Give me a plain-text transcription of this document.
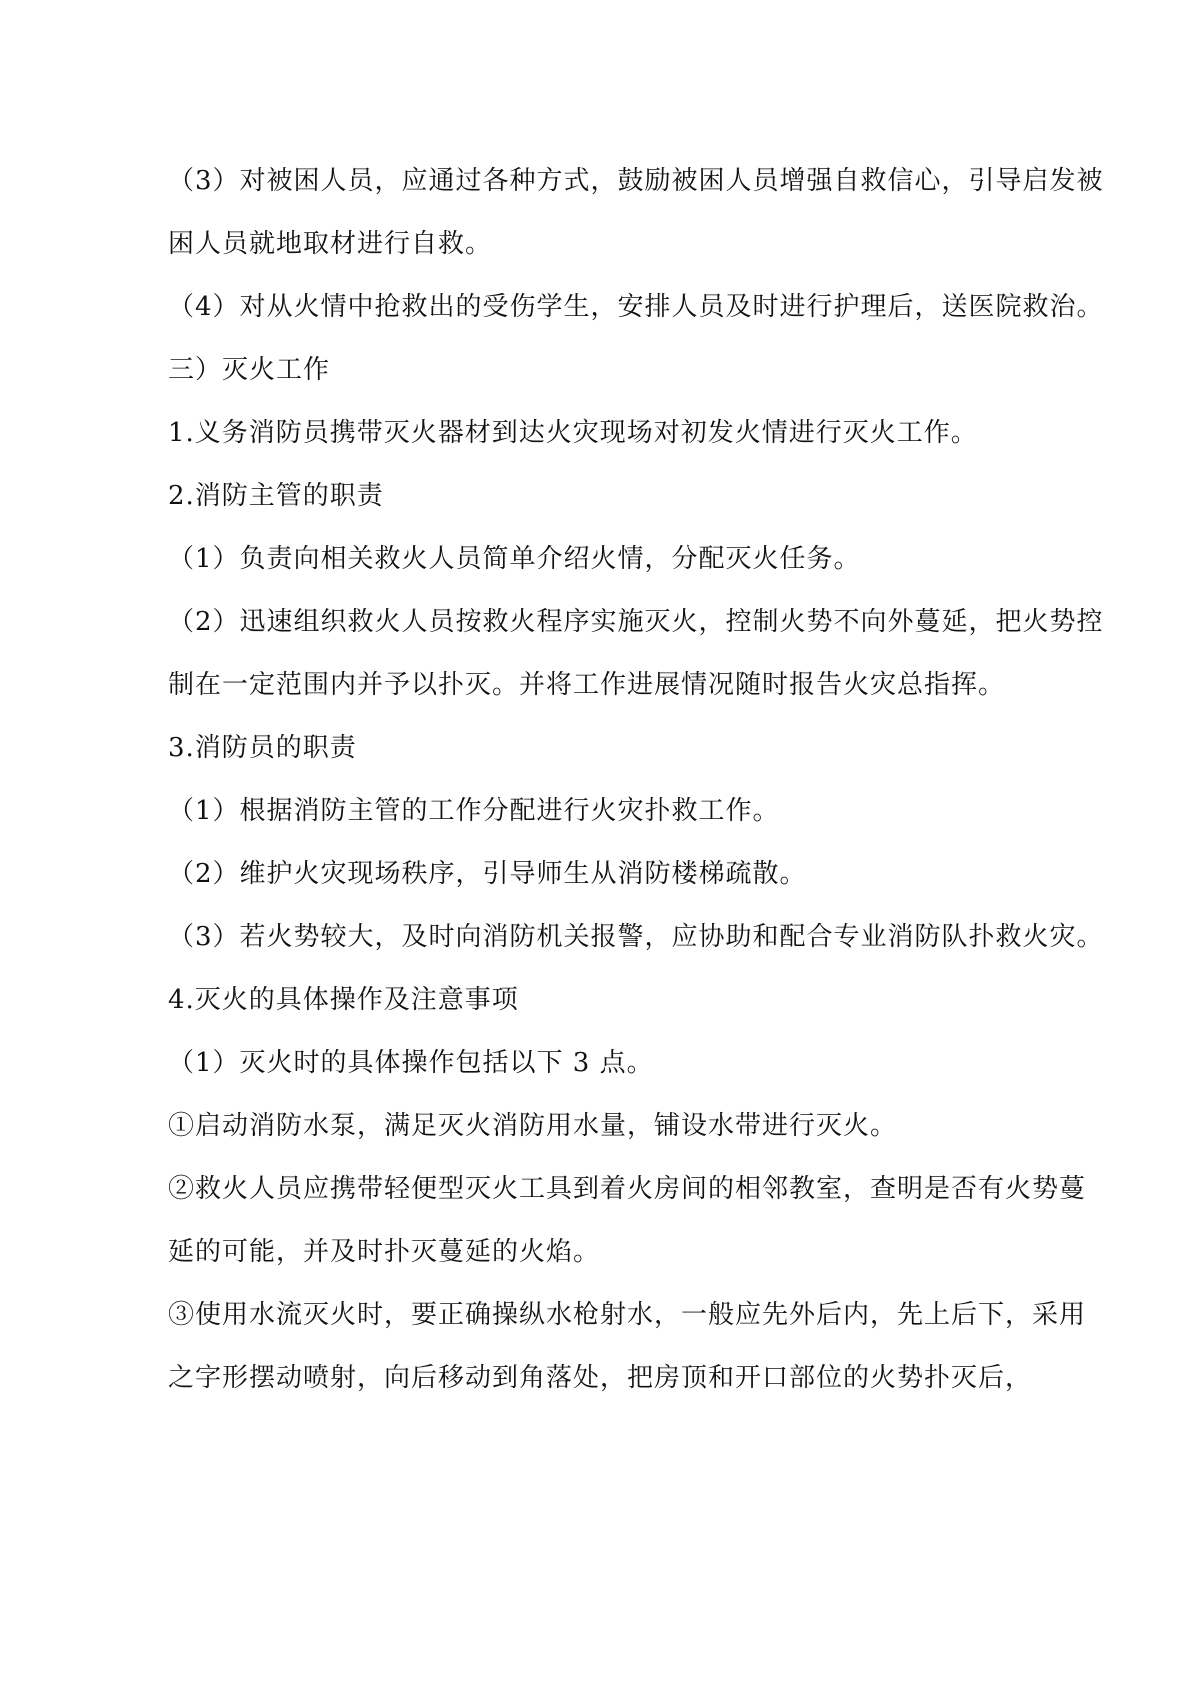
（3）对被困人员，应通过各种方式，鼓励被困人员增强自救信心，引导启发被困人员就地取材进行自救。

（4）对从火情中抢救出的受伤学生，安排人员及时进行护理后，送医院救治。

三）灭火工作

1.义务消防员携带灭火器材到达火灾现场对初发火情进行灭火工作。

2.消防主管的职责

（1）负责向相关救火人员简单介绍火情，分配灭火任务。

（2）迅速组织救火人员按救火程序实施灭火，控制火势不向外蔓延，把火势控制在一定范围内并予以扑灭。并将工作进展情况随时报告火灾总指挥。

3.消防员的职责

（1）根据消防主管的工作分配进行火灾扑救工作。

（2）维护火灾现场秩序，引导师生从消防楼梯疏散。

（3）若火势较大，及时向消防机关报警，应协助和配合专业消防队扑救火灾。

4.灭火的具体操作及注意事项

（1）灭火时的具体操作包括以下 3 点。

①启动消防水泵，满足灭火消防用水量，铺设水带进行灭火。

②救火人员应携带轻便型灭火工具到着火房间的相邻教室，查明是否有火势蔓延的可能，并及时扑灭蔓延的火焰。

③使用水流灭火时，要正确操纵水枪射水，一般应先外后内，先上后下，采用之字形摆动喷射，向后移动到角落处，把房顶和开口部位的火势扑灭后，
